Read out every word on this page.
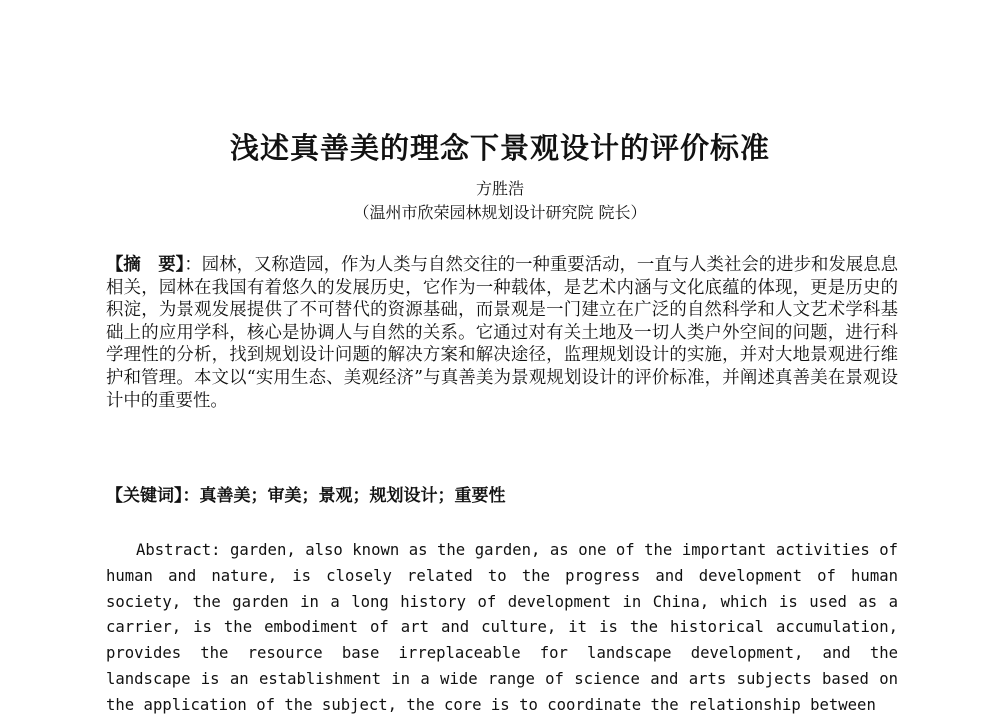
浅述真善美的理念下景观设计的评价标准
方胜浩
（温州市欣荣园林规划设计研究院 院长）
【摘　要】：园林，又称造园，作为人类与自然交往的一种重要活动，一直与人类社会的进步和发展息息相关，园林在我国有着悠久的发展历史，它作为一种载体，是艺术内涵与文化底蕴的体现，更是历史的积淀，为景观发展提供了不可替代的资源基础，而景观是一门建立在广泛的自然科学和人文艺术学科基础上的应用学科，核心是协调人与自然的关系。它通过对有关土地及一切人类户外空间的问题，进行科学理性的分析，找到规划设计问题的解决方案和解决途径，监理规划设计的实施，并对大地景观进行维护和管理。本文以“实用生态、美观经济”与真善美为景观规划设计的评价标准，并阐述真善美在景观设计中的重要性。
【关键词】：真善美；审美；景观；规划设计；重要性
Abstract: garden, also known as the garden, as one of the important activities of human and nature, is closely related to the progress and development of human society, the garden in a long history of development in China, which is used as a carrier, is the embodiment of art and culture, it is the historical accumulation, provides the resource base irreplaceable for landscape development, and the landscape is an establishment in a wide range of science and arts subjects based on the application of the subject, the core is to coordinate the relationship between
